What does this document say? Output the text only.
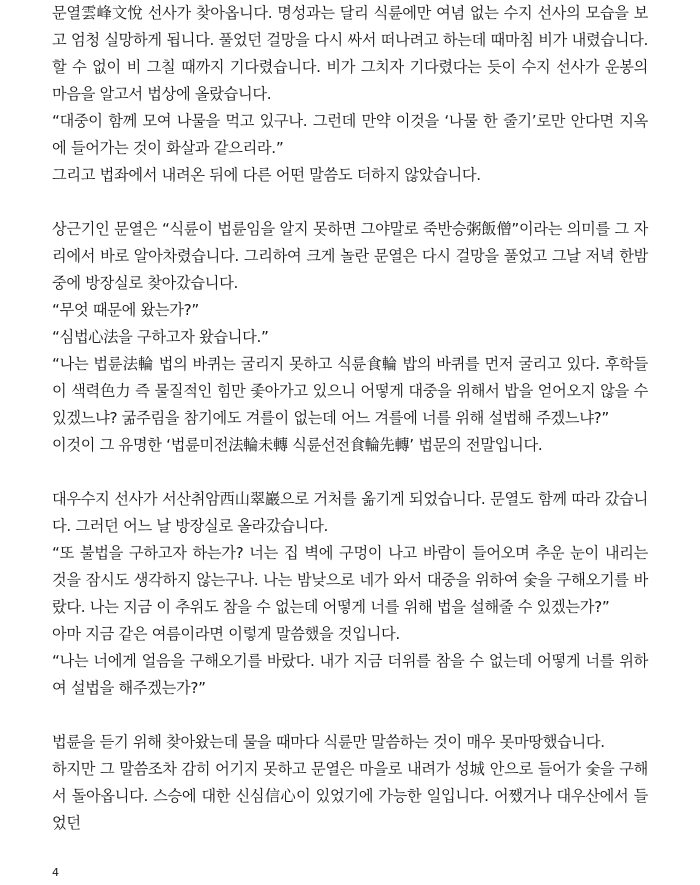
문열雲峰文悅 선사가 찾아옵니다. 명성과는 달리 식륜에만 여념 없는 수지 선사의 모습을 보고 엄청 실망하게 됩니다. 풀었던 걸망을 다시 싸서 떠나려고 하는데 때마침 비가 내렸습니다. 할 수 없이 비 그칠 때까지 기다렸습니다. 비가 그치자 기다렸다는 듯이 수지 선사가 운봉의 마음을 알고서 법상에 올랐습니다.

“대중이 함께 모여 나물을 먹고 있구나. 그런데 만약 이것을 ‘나물 한 줄기’로만 안다면 지옥에 들어가는 것이 화살과 같으리라.”

그리고 법좌에서 내려온 뒤에 다른 어떤 말씀도 더하지 않았습니다.

상근기인 문열은 “식륜이 법륜임을 알지 못하면 그야말로 죽반승粥飯僧”이라는 의미를 그 자리에서 바로 알아차렸습니다. 그리하여 크게 놀란 문열은 다시 걸망을 풀었고 그날 저녁 한밤중에 방장실로 찾아갔습니다.

“무엇 때문에 왔는가?”

“심법心法을 구하고자 왔습니다.”

“나는 법륜法輪 법의 바퀴는 굴리지 못하고 식륜食輪 밥의 바퀴를 먼저 굴리고 있다. 후학들이 색력色力 즉 물질적인 힘만 좇아가고 있으니 어떻게 대중을 위해서 밥을 얻어오지 않을 수 있겠느냐? 굶주림을 참기에도 겨를이 없는데 어느 겨를에 너를 위해 설법해 주겠느냐?”

이것이 그 유명한 ‘법륜미전法輪未轉 식륜선전食輪先轉’ 법문의 전말입니다.

대우수지 선사가 서산취암西山翠巖으로 거처를 옮기게 되었습니다. 문열도 함께 따라 갔습니다. 그러던 어느 날 방장실로 올라갔습니다.

“또 불법을 구하고자 하는가? 너는 집 벽에 구멍이 나고 바람이 들어오며 추운 눈이 내리는 것을 잠시도 생각하지 않는구나. 나는 밤낮으로 네가 와서 대중을 위하여 숯을 구해오기를 바랐다. 나는 지금 이 추위도 참을 수 없는데 어떻게 너를 위해 법을 설해줄 수 있겠는가?”

아마 지금 같은 여름이라면 이렇게 말씀했을 것입니다.

“나는 너에게 얼음을 구해오기를 바랐다. 내가 지금 더위를 참을 수 없는데 어떻게 너를 위하여 설법을 해주겠는가?”

법륜을 듣기 위해 찾아왔는데 물을 때마다 식륜만 말씀하는 것이 매우 못마땅했습니다.

하지만 그 말씀조차 감히 어기지 못하고 문열은 마을로 내려가 성城 안으로 들어가 숯을 구해서 돌아옵니다. 스승에 대한 신심信心이 있었기에 가능한 일입니다. 어쨌거나 대우산에서 들었던

4
